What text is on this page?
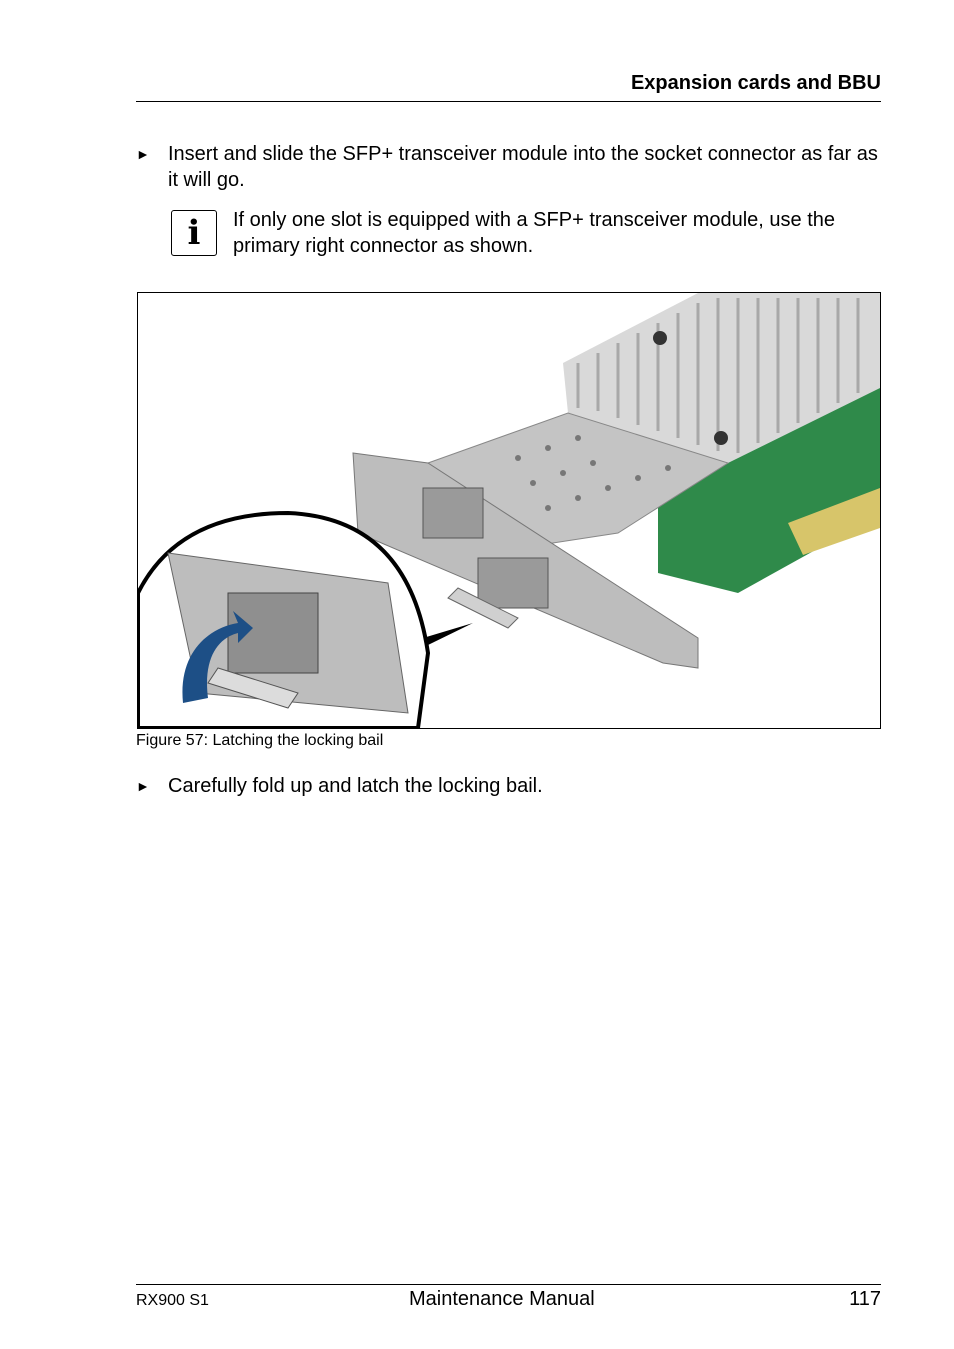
Expansion cards and BBU
► Insert and slide the SFP+ transceiver module into the socket connector as far as it will go.
i	If only one slot is equipped with a SFP+ transceiver module, use the primary right connector as shown.
Figure 57: Latching the locking bail
► Carefully fold up and latch the locking bail.
RX900 S1	Maintenance Manual	117
